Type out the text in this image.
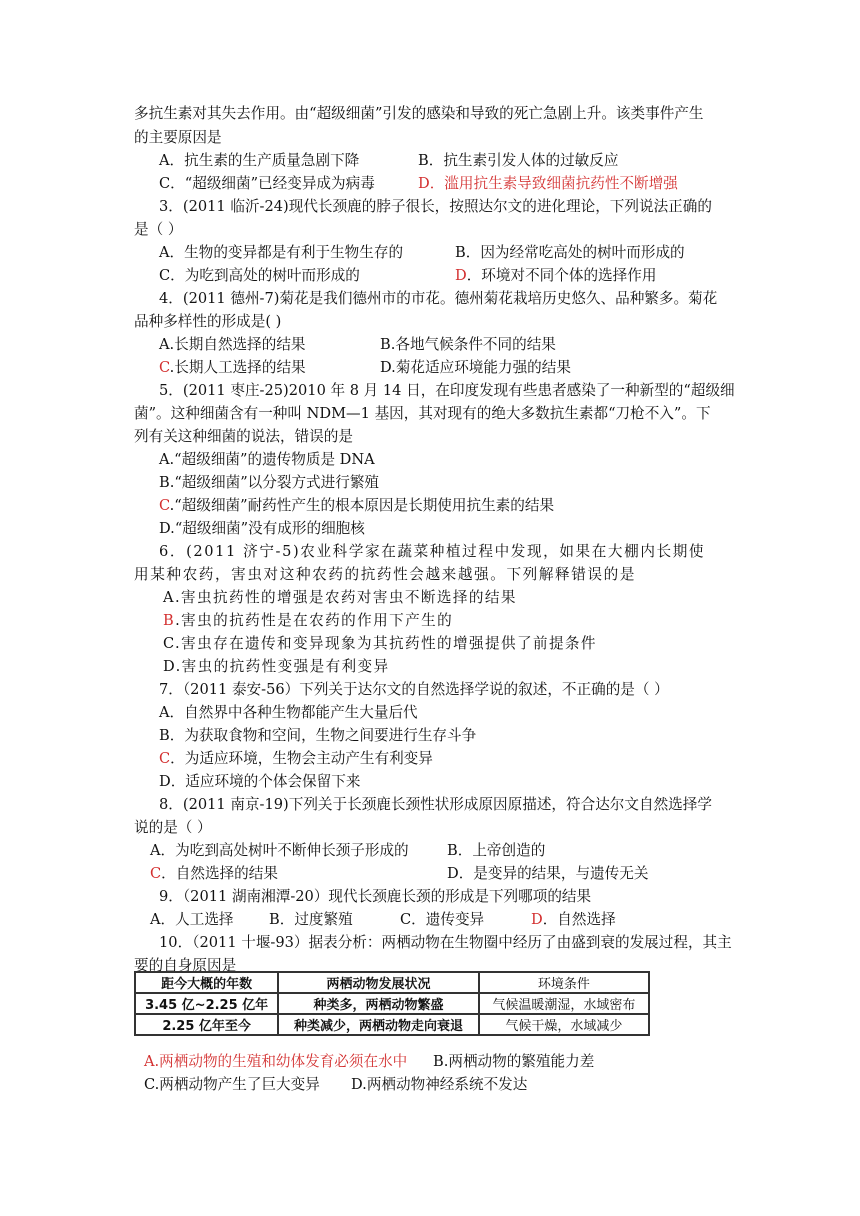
多抗生素对其失去作用。由“超级细菌”引发的感染和导致的死亡急剧上升。该类事件产生
的主要原因是
A．抗生素的生产质量急剧下降	B．抗生素引发人体的过敏反应
C．“超级细菌”已经变异成为病毒	D．滥用抗生素导致细菌抗药性不断增强
3．(2011 临沂-24)现代长颈鹿的脖子很长，按照达尔文的进化理论，下列说法正确的
是（ ）
A．生物的变异都是有利于生物生存的	B．因为经常吃高处的树叶而形成的
C．为吃到高处的树叶而形成的	D．环境对不同个体的选择作用
4．(2011 德州-7)菊花是我们德州市的市花。德州菊花栽培历史悠久、品种繁多。菊花
品种多样性的形成是( )
A.长期自然选择的结果	B.各地气候条件不同的结果
C.长期人工选择的结果	D.菊花适应环境能力强的结果
5．(2011 枣庄-25)2010 年 8 月 14 日，在印度发现有些患者感染了一种新型的“超级细
菌”。这种细菌含有一种叫 NDM—1 基因，其对现有的绝大多数抗生素都“刀枪不入”。下
列有关这种细菌的说法，错误的是
A.“超级细菌”的遗传物质是 DNA
B.“超级细菌”以分裂方式进行繁殖
C.“超级细菌”耐药性产生的根本原因是长期使用抗生素的结果
D.“超级细菌”没有成形的细胞核
6．(2011 济宁-5)农业科学家在蔬菜种植过程中发现，如果在大棚内长期使
用某种农药，害虫对这种农药的抗药性会越来越强。下列解释错误的是
A.害虫抗药性的增强是农药对害虫不断选择的结果
B.害虫的抗药性是在农药的作用下产生的
C.害虫存在遗传和变异现象为其抗药性的增强提供了前提条件
D.害虫的抗药性变强是有利变异
7．（2011 泰安-56）下列关于达尔文的自然选择学说的叙述，不正确的是（ ）
A．自然界中各种生物都能产生大量后代
B．为获取食物和空间，生物之间要进行生存斗争
C．为适应环境，生物会主动产生有利变异
D．适应环境的个体会保留下来
8．(2011 南京-19)下列关于长颈鹿长颈性状形成原因原描述，符合达尔文自然选择学
说的是（ ）
A．为吃到高处树叶不断伸长颈子形成的	B．上帝创造的
C．自然选择的结果	D．是变异的结果，与遗传无关
9．（2011 湖南湘潭-20）现代长颈鹿长颈的形成是下列哪项的结果
A．人工选择 B．过度繁殖	C．遗传变异	D．自然选择
10．（2011 十堰-93）据表分析：两栖动物在生物圈中经历了由盛到衰的发展过程，其主
要的自身原因是
距今大概的年数	两栖动物发展状况	环境条件
3.45 亿~2.25 亿年	种类多，两栖动物繁盛	气候温暖潮湿，水域密布
2.25 亿年至今	种类减少，两栖动物走向衰退	气候干燥，水域减少
A.两栖动物的生殖和幼体发育必须在水中 B.两栖动物的繁殖能力差
C.两栖动物产生了巨大变异 D.两栖动物神经系统不发达
